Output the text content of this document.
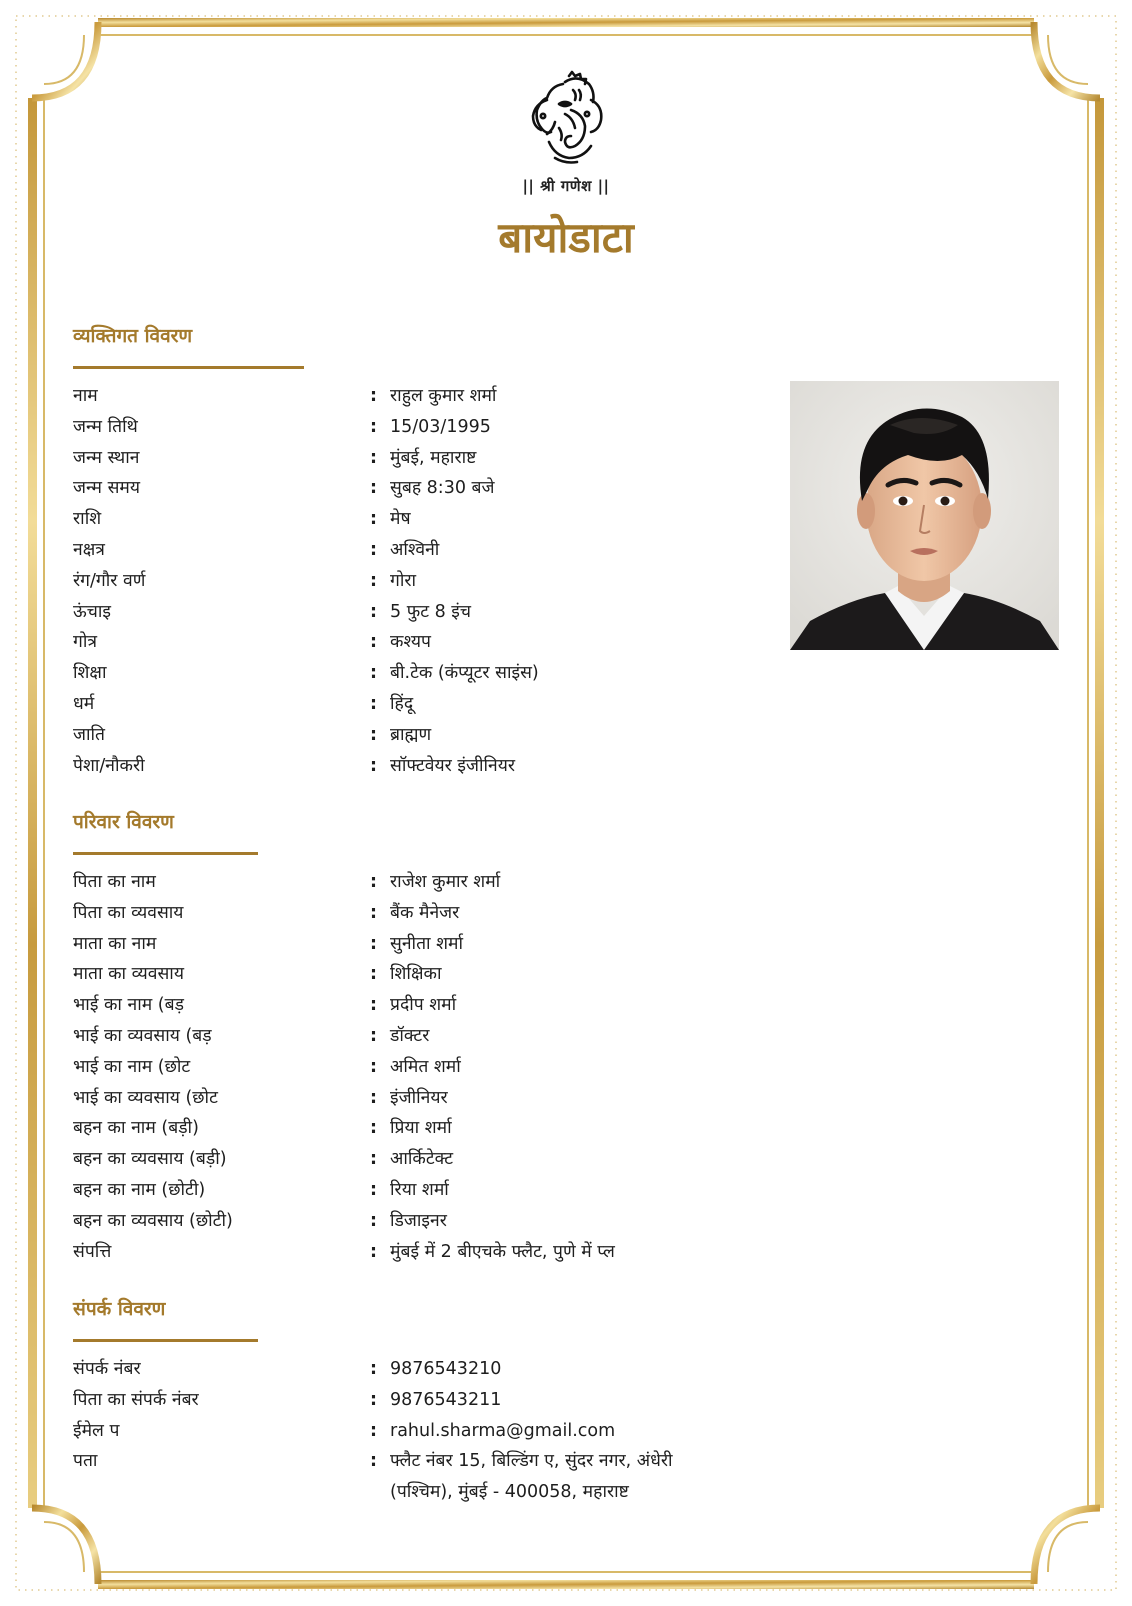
|| श्री गणेश ||
बायोडाटा
व्यक्तिगत विवरण
नाम	: राहुल कुमार शर्मा
जन्म तिथि	: 15/03/1995
जन्म स्थान	: मुंबई, महाराष्ट
जन्म समय	: सुबह 8:30 बजे
राशि	: मेष
नक्षत्र	: अश्विनी
रंग/गौर वर्ण	: गोरा
ऊंचाइ	: 5 फुट 8 इंच
गोत्र	: कश्यप
शिक्षा	: बी.टेक (कंप्यूटर साइंस)
धर्म	: हिंदू
जाति	: ब्राह्मण
पेशा/नौकरी	: सॉफ्टवेयर इंजीनियर
परिवार विवरण
पिता का नाम	: राजेश कुमार शर्मा
पिता का व्यवसाय	: बैंक मैनेजर
माता का नाम	: सुनीता शर्मा
माता का व्यवसाय	: शिक्षिका
भाई का नाम (बड़	: प्रदीप शर्मा
भाई का व्यवसाय (बड़	: डॉक्टर
भाई का नाम (छोट	: अमित शर्मा
भाई का व्यवसाय (छोट	: इंजीनियर
बहन का नाम (बड़ी)	: प्रिया शर्मा
बहन का व्यवसाय (बड़ी)	: आर्किटेक्ट
बहन का नाम (छोटी)	: रिया शर्मा
बहन का व्यवसाय (छोटी)	: डिजाइनर
संपत्ति	: मुंबई में 2 बीएचके फ्लैट, पुणे में प्ल
संपर्क विवरण
संपर्क नंबर	: 9876543210
पिता का संपर्क नंबर	: 9876543211
ईमेल प	: rahul.sharma@gmail.com
पता	: फ्लैट नंबर 15, बिल्डिंग ए, सुंदर नगर, अंधेरी (पश्चिम), मुंबई - 400058, महाराष्ट
